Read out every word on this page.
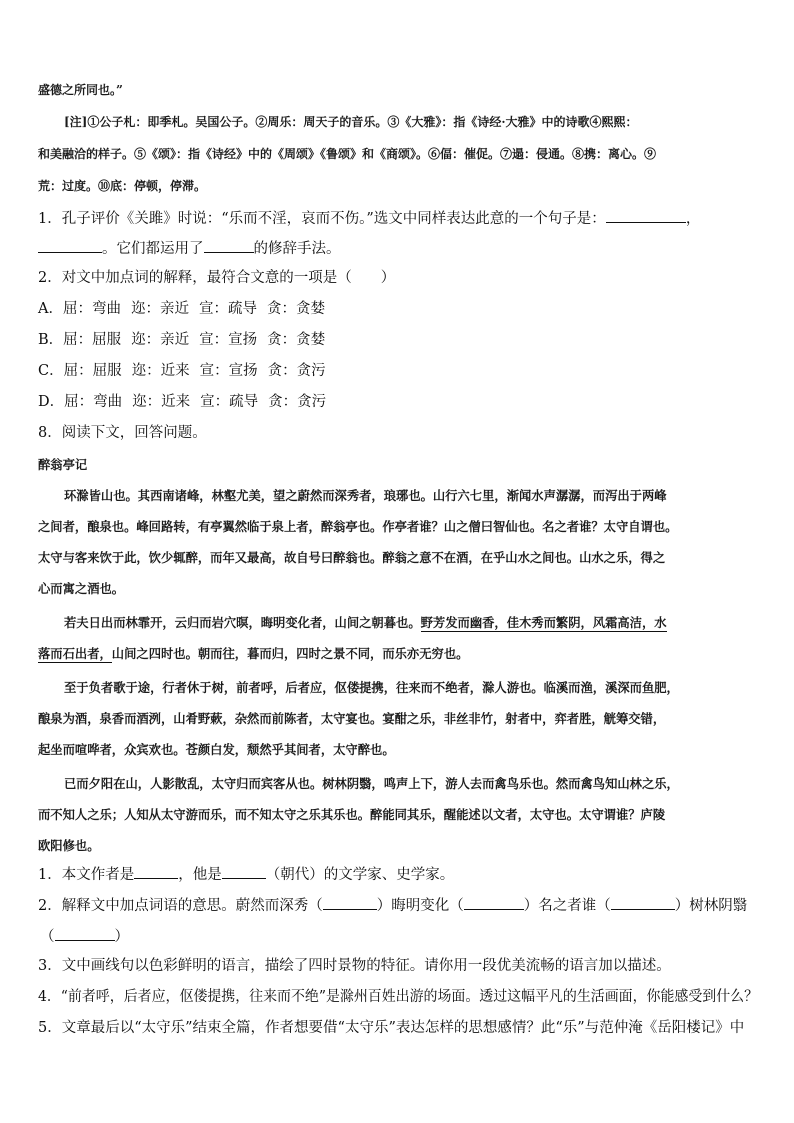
盛德之所同也。”
[注]①公子札：即季札。吴国公子。②周乐：周天子的音乐。③《大雅》：指《诗经·大雅》中的诗歌④熙熙：
和美融洽的样子。⑤《颂》：指《诗经》中的《周颂》《鲁颂》和《商颂》。⑥偪：催促。⑦遢：侵通。⑧携：离心。⑨
荒：过度。⑩底：停顿，停滞。
1．孔子评价《关雎》时说：“乐而不淫，哀而不伤。”选文中同样表达此意的一个句子是：	，
。它们都运用了	的修辞手法。
2．对文中加点词的解释，最符合文意的一项是（　　）
A．屈：弯曲 迩：亲近 宣：疏导 贪：贪婪
B．屈：屈服 迩：亲近 宣：宣扬 贪：贪婪
C．屈：屈服 迩：近来 宣：宣扬 贪：贪污
D．屈：弯曲 迩：近来 宣：疏导 贪：贪污
8．阅读下文，回答问题。
醉翁亭记
环滁皆山也。其西南诸峰，林壑尤美，望之蔚然而深秀者，琅琊也。山行六七里，渐闻水声潺潺，而泻出于两峰
之间者，酿泉也。峰回路转，有亭翼然临于泉上者，醉翁亭也。作亭者谁？山之僧曰智仙也。名之者谁？太守自谓也。
太守与客来饮于此，饮少辄醉，而年又最高，故自号曰醉翁也。醉翁之意不在酒，在乎山水之间也。山水之乐，得之
心而寓之酒也。
若夫日出而林霏开，云归而岩穴暝，晦明变化者，山间之朝暮也。野芳发而幽香，佳木秀而繁阴，风霜高洁，水
落而石出者，山间之四时也。朝而往，暮而归，四时之景不同，而乐亦无穷也。
至于负者歌于途，行者休于树，前者呼，后者应，伛偻提携，往来而不绝者，滁人游也。临溪而渔，溪深而鱼肥，
酿泉为酒，泉香而酒洌，山肴野蔌，杂然而前陈者，太守宴也。宴酣之乐，非丝非竹，射者中，弈者胜，觥筹交错，
起坐而喧哗者，众宾欢也。苍颜白发，颓然乎其间者，太守醉也。
已而夕阳在山，人影散乱，太守归而宾客从也。树林阴翳，鸣声上下，游人去而禽鸟乐也。然而禽鸟知山林之乐，
而不知人之乐；人知从太守游而乐，而不知太守之乐其乐也。醉能同其乐，醒能述以文者，太守也。太守谓谁？庐陵
欧阳修也。
1．本文作者是	，他是	（朝代）的文学家、史学家。
2．解释文中加点词语的意思。蔚然而深秀（	）晦明变化（	）名之者谁（	）树林阴翳
（	）
3．文中画线句以色彩鲜明的语言，描绘了四时景物的特征。请你用一段优美流畅的语言加以描述。
4．“前者呼，后者应，伛偻提携，往来而不绝”是滁州百姓出游的场面。透过这幅平凡的生活画面，你能感受到什么？
5．文章最后以“太守乐”结束全篇，作者想要借“太守乐”表达怎样的思想感情？此“乐”与范仲淹《岳阳楼记》中
